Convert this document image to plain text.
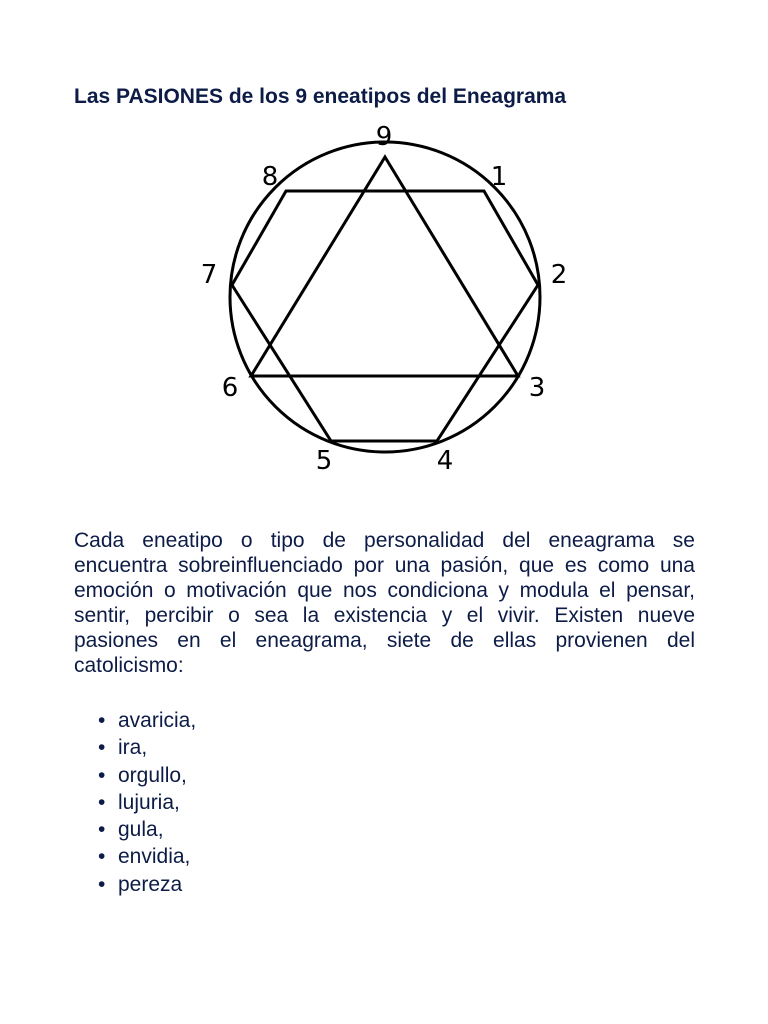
Las PASIONES de los 9 eneatipos del Eneagrama
9
1
2
3
4
5
6
7
8

Cada eneatipo o tipo de personalidad del eneagrama se encuentra sobreinfluenciado por una pasión, que es como una emoción o motivación que nos condiciona y modula el pensar, sentir, percibir o sea la existencia y el vivir. Existen nueve pasiones en el eneagrama, siete de ellas provienen del catolicismo:

• avaricia,
• ira,
• orgullo,
• lujuria,
• gula,
• envidia,
• pereza
